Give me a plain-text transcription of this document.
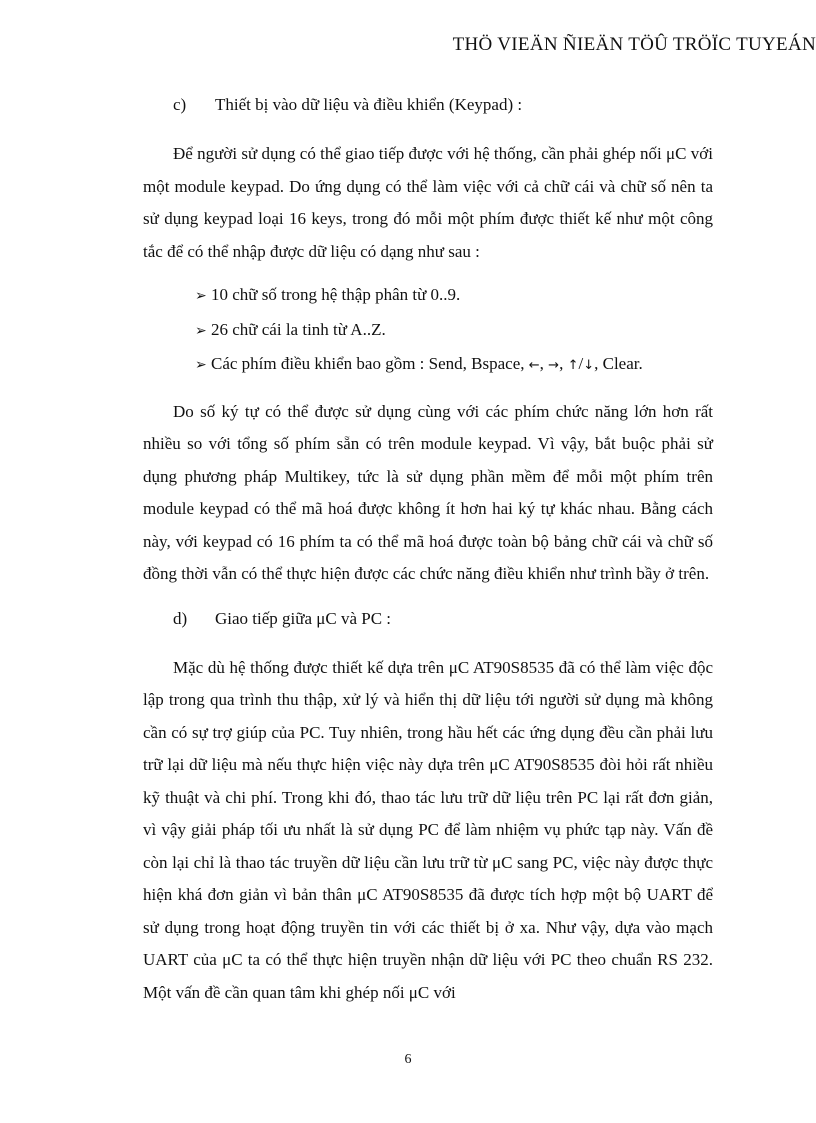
THÖ VIEÄN ÑIEÄN TÖÛ TRÖÏC TUYEÁN
c) Thiết bị vào dữ liệu và điều khiển (Keypad) :

Để người sử dụng có thể giao tiếp được với hệ thống, cần phải ghép nối μC với một module keypad. Do ứng dụng có thể làm việc với cả chữ cái và chữ số nên ta sử dụng keypad loại 16 keys, trong đó mỗi một phím được thiết kế như một công tắc để có thể nhập được dữ liệu có dạng như sau :

➢ 10 chữ số trong hệ thập phân từ 0..9.
➢ 26 chữ cái la tinh từ A..Z.
➢ Các phím điều khiển bao gồm : Send, Bspace, ←, →, ↑/↓, Clear.

Do số ký tự có thể được sử dụng cùng với các phím chức năng lớn hơn rất nhiều so với tổng số phím sẵn có trên module keypad. Vì vậy, bắt buộc phải sử dụng phương pháp Multikey, tức là sử dụng phần mềm để mỗi một phím trên module keypad có thể mã hoá được không ít hơn hai ký tự khác nhau. Bằng cách này, với keypad có 16 phím ta có thể mã hoá được toàn bộ bảng chữ cái và chữ số đồng thời vẫn có thể thực hiện được các chức năng điều khiển như trình bầy ở trên.

d) Giao tiếp giữa μC và PC :

Mặc dù hệ thống được thiết kế dựa trên μC AT90S8535 đã có thể làm việc độc lập trong qua trình thu thập, xử lý và hiển thị dữ liệu tới người sử dụng mà không cần có sự trợ giúp của PC. Tuy nhiên, trong hầu hết các ứng dụng đều cần phải lưu trữ lại dữ liệu mà nếu thực hiện việc này dựa trên μC AT90S8535 đòi hỏi rất nhiều kỹ thuật và chi phí. Trong khi đó, thao tác lưu trữ dữ liệu trên PC lại rất đơn giản, vì vậy giải pháp tối ưu nhất là sử dụng PC để làm nhiệm vụ phức tạp này. Vấn đề còn lại chỉ là thao tác truyền dữ liệu cần lưu trữ từ μC sang PC, việc này được thực hiện khá đơn giản vì bản thân μC AT90S8535 đã được tích hợp một bộ UART để sử dụng trong hoạt động truyền tin với các thiết bị ở xa. Như vậy, dựa vào mạch UART của μC ta có thể thực hiện truyền nhận dữ liệu với PC theo chuẩn RS 232. Một vấn đề cần quan tâm khi ghép nối μC với

6
